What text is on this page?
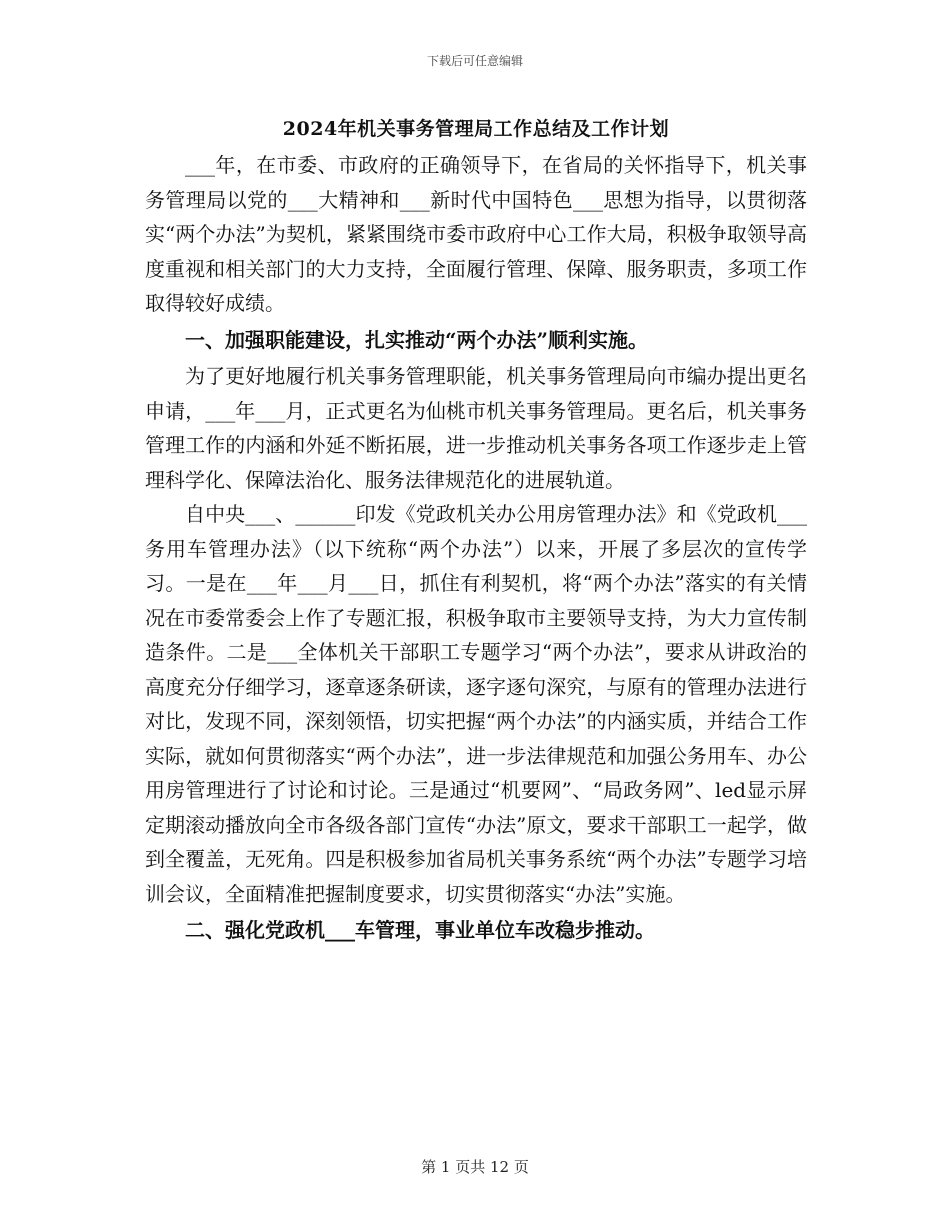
下载后可任意编辑
2024年机关事务管理局工作总结及工作计划

___年，在市委、市政府的正确领导下，在省局的关怀指导下，机关事务管理局以党的___大精神和___新时代中国特色___思想为指导，以贯彻落实“两个办法”为契机，紧紧围绕市委市政府中心工作大局，积极争取领导高度重视和相关部门的大力支持，全面履行管理、保障、服务职责，多项工作取得较好成绩。

一、加强职能建设，扎实推动“两个办法”顺利实施。

为了更好地履行机关事务管理职能，机关事务管理局向市编办提出更名申请，___年___月，正式更名为仙桃市机关事务管理局。更名后，机关事务管理工作的内涵和外延不断拓展，进一步推动机关事务各项工作逐步走上管理科学化、保障法治化、服务法律规范化的进展轨道。

自中央___、______印发《党政机关办公用房管理办法》和《党政机___务用车管理办法》（以下统称“两个办法”）以来，开展了多层次的宣传学习。一是在___年___月___日，抓住有利契机，将“两个办法”落实的有关情况在市委常委会上作了专题汇报，积极争取市主要领导支持，为大力宣传制造条件。二是___全体机关干部职工专题学习“两个办法”，要求从讲政治的高度充分仔细学习，逐章逐条研读，逐字逐句深究，与原有的管理办法进行对比，发现不同，深刻领悟，切实把握“两个办法”的内涵实质，并结合工作实际，就如何贯彻落实“两个办法”，进一步法律规范和加强公务用车、办公用房管理进行了讨论和讨论。三是通过“机要网”、“局政务网”、led显示屏定期滚动播放向全市各级各部门宣传“办法”原文，要求干部职工一起学，做到全覆盖，无死角。四是积极参加省局机关事务系统“两个办法”专题学习培训会议，全面精准把握制度要求，切实贯彻落实“办法”实施。

二、强化党政机___车管理，事业单位车改稳步推动。

第 1 页共 12 页
